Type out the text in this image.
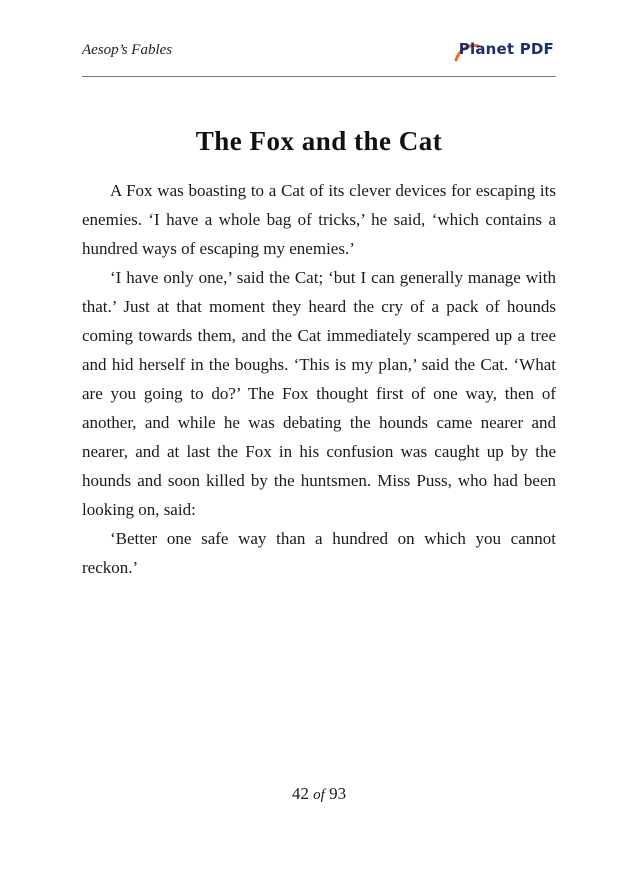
Aesop’s Fables	Planet PDF
The Fox and the Cat

A Fox was boasting to a Cat of its clever devices for escaping its enemies. ‘I have a whole bag of tricks,’ he said, ‘which contains a hundred ways of escaping my enemies.’

‘I have only one,’ said the Cat; ‘but I can generally manage with that.’ Just at that moment they heard the cry of a pack of hounds coming towards them, and the Cat immediately scampered up a tree and hid herself in the boughs. ‘This is my plan,’ said the Cat. ‘What are you going to do?’ The Fox thought first of one way, then of another, and while he was debating the hounds came nearer and nearer, and at last the Fox in his confusion was caught up by the hounds and soon killed by the huntsmen. Miss Puss, who had been looking on, said:

‘Better one safe way than a hundred on which you cannot reckon.’

42 of 93
